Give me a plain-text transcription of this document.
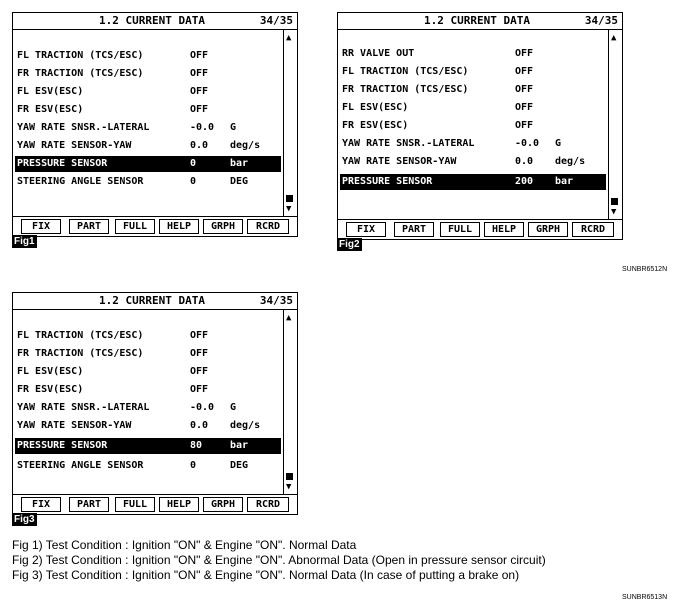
1.2 CURRENT DATA	34/35
FL TRACTION (TCS/ESC)	OFF
FR TRACTION (TCS/ESC)	OFF
FL ESV(ESC)	OFF
FR ESV(ESC)	OFF
YAW RATE SNSR.-LATERAL	-0.0 G
YAW RATE SENSOR-YAW	0.0 deg/s
PRESSURE SENSOR	0	bar
STEERING ANGLE SENSOR	0	DEG
▲
▼
FIX	PART	FULL	HELP	GRPH	RCRD
Fig1
1.2 CURRENT DATA	34/35
RR VALVE OUT	OFF
FL TRACTION (TCS/ESC)	OFF
FR TRACTION (TCS/ESC)	OFF
FL ESV(ESC)	OFF
FR ESV(ESC)	OFF
YAW RATE SNSR.-LATERAL	-0.0 G
YAW RATE SENSOR-YAW	0.0 deg/s
PRESSURE SENSOR	200 bar
▲
▼
FIX	PART	FULL	HELP	GRPH	RCRD
Fig2
SUNBR6512N
1.2 CURRENT DATA	34/35
FL TRACTION (TCS/ESC)	OFF
FR TRACTION (TCS/ESC)	OFF
FL ESV(ESC)	OFF
FR ESV(ESC)	OFF
YAW RATE SNSR.-LATERAL	-0.0 G
YAW RATE SENSOR-YAW	0.0 deg/s
PRESSURE SENSOR	80	bar
STEERING ANGLE SENSOR	0	DEG
▲
▼
FIX	PART	FULL	HELP	GRPH	RCRD
Fig3
Fig 1) Test Condition : Ignition "ON" & Engine "ON". Normal Data
Fig 2) Test Condition : Ignition "ON" & Engine "ON". Abnormal Data (Open in pressure sensor circuit)
Fig 3) Test Condition : Ignition "ON" & Engine "ON". Normal Data (In case of putting a brake on)
SUNBR6513N
